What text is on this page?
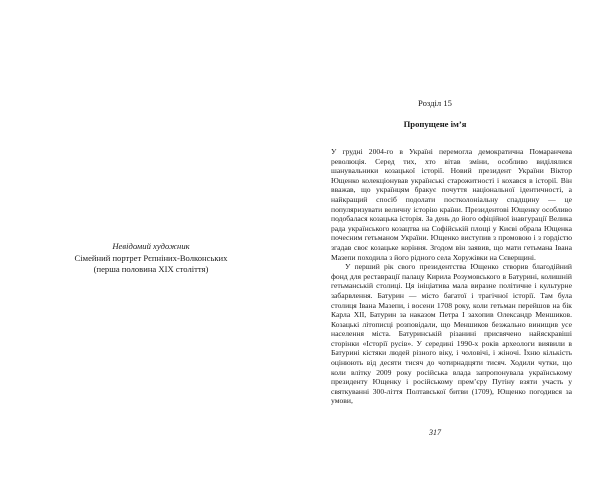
Невідомий художник
Сімейний портрет Рєпніних-Волконських
(перша половина XIX століття)
Розділ 15
Пропущене ім’я

У грудні 2004-го в Україні перемогла демократична Помаранчева революція. Серед тих, хто вітав зміни, особливо виділялися шанувальники козацької історії. Новий президент України Віктор Ющенко колекціонував українські старожитності і кохався в історії. Він вважав, що українцям бракує почуття національної ідентичності, а найкращий спосіб подолати постколоніальну спадщину — це популяризувати величну історію країни. Президентові Ющенку особливо подобалася козацька історія. За день до його офіційної інавгурації Велика рада українського козацтва на Софійській площі у Києві обрала Ющенка почесним гетьманом України. Ющенко виступив з промовою і з гордістю згадав своє козацьке коріння. Згодом він заявив, що мати гетьмана Івана Мазепи походила з його рідного села Хоружівки на Сєверщині.

У перший рік свого президентства Ющенко створив благодійний фонд для реставрації палацу Кирила Розумовського в Батурині, колишній гетьманській столиці. Ця ініціатива мала виразне політичне і культурне забарвлення. Батурин — місто багатої і трагічної історії. Там була столиця Івана Мазепи, і восени 1708 року, коли гетьман перейшов на бік Карла XII, Батурин за наказом Петра I захопив Олександр Меншиков. Козацькі літописці розповідали, що Меншиков безжально винищив усе населення міста. Батуринській різанині присвячено найяскравіші сторінки «Історії русів». У середині 1990-х років археологи виявили в Батурині кістяки людей різного віку, і чоловічі, і жіночі. Їхню кількість оцінюють від десяти тисяч до чотирнадцяти тисяч. Ходили чутки, що коли влітку 2009 року російська влада запропонувала українському президенту Ющенку і російському прем’єру Путіну взяти участь у святкуванні 300-ліття Полтавської битви (1709), Ющенко погодився за умови,

317
